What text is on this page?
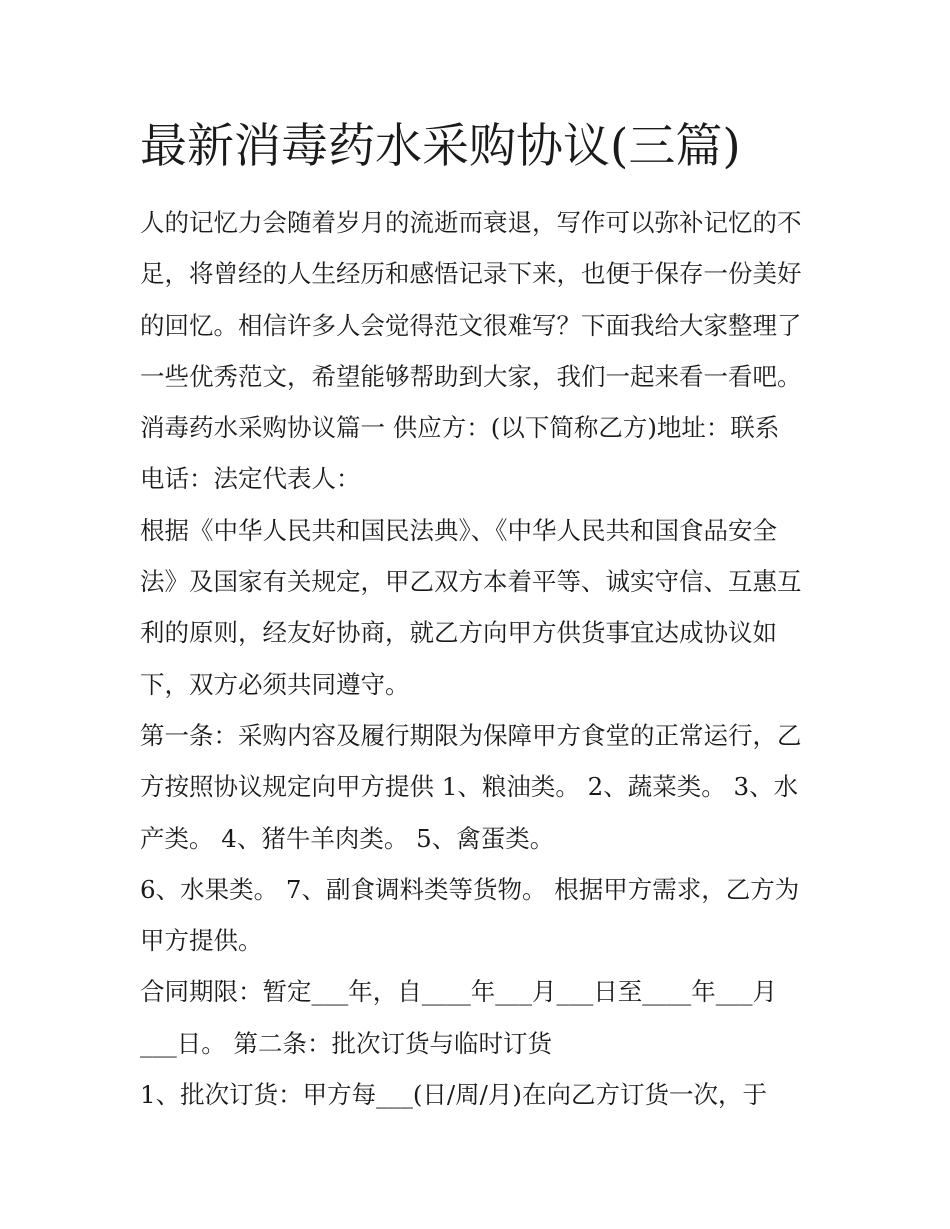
最新消毒药水采购协议(三篇)
人的记忆力会随着岁月的流逝而衰退，写作可以弥补记忆的不
足，将曾经的人生经历和感悟记录下来，也便于保存一份美好
的回忆。相信许多人会觉得范文很难写？下面我给大家整理了
一些优秀范文，希望能够帮助到大家，我们一起来看一看吧。
消毒药水采购协议篇一 供应方：(以下简称乙方)地址：联系
电话：法定代表人：
根据《中华人民共和国民法典》、《中华人民共和国食品安全
法》及国家有关规定，甲乙双方本着平等、诚实守信、互惠互
利的原则，经友好协商，就乙方向甲方供货事宜达成协议如
下，双方必须共同遵守。
第一条：采购内容及履行期限为保障甲方食堂的正常运行，乙
方按照协议规定向甲方提供 1、粮油类。 2、蔬菜类。 3、水
产类。 4、猪牛羊肉类。 5、禽蛋类。
6、水果类。 7、副食调料类等货物。 根据甲方需求，乙方为
甲方提供。
合同期限：暂定___年，自____年___月___日至____年___月
___日。 第二条：批次订货与临时订货
1、批次订货：甲方每___(日/周/月)在向乙方订货一次，于
